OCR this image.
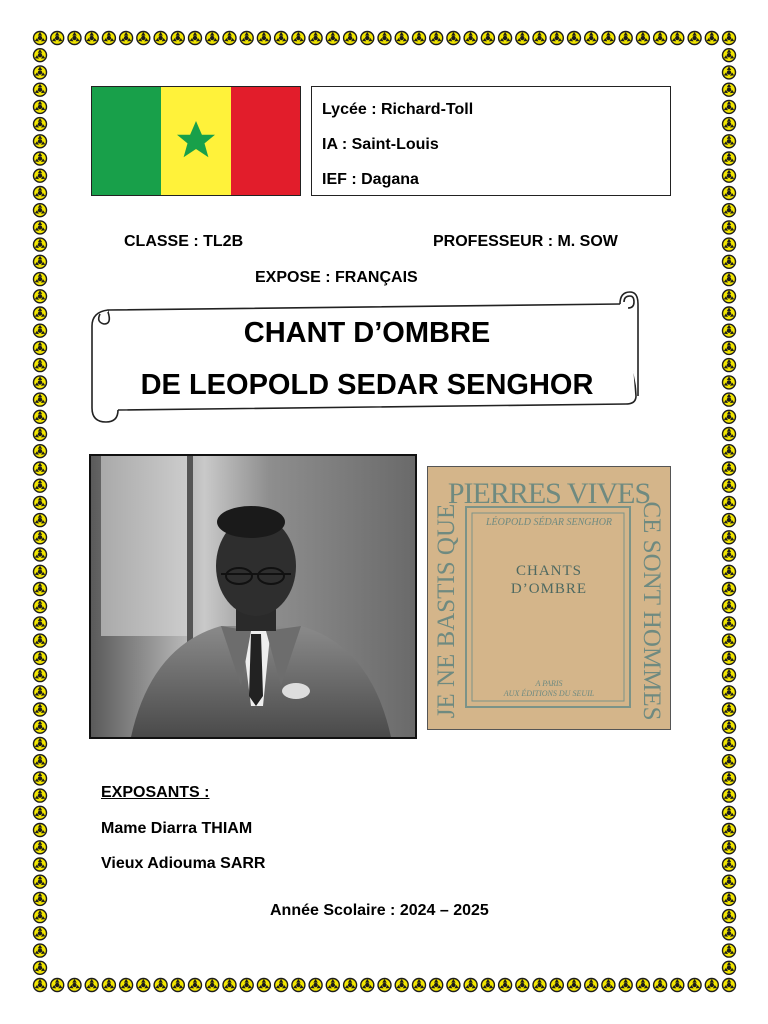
Lycée : Richard-Toll
IA : Saint-Louis
IEF : Dagana
CLASSE : TL2B	PROFESSEUR : M. SOW
EXPOSE : FRANÇAIS
CHANT D’OMBRE
DE LEOPOLD SEDAR SENGHOR
PIERRES VIVES
LÉOPOLD SÉDAR SENGHOR
CHANTS
D’OMBRE
JE NE BASTIS QUE	CE SONT HOMMES
A PARIS
AUX ÉDITIONS DU SEUIL
EXPOSANTS :
Mame Diarra THIAM
Vieux Adiouma SARR
Année Scolaire : 2024 – 2025
